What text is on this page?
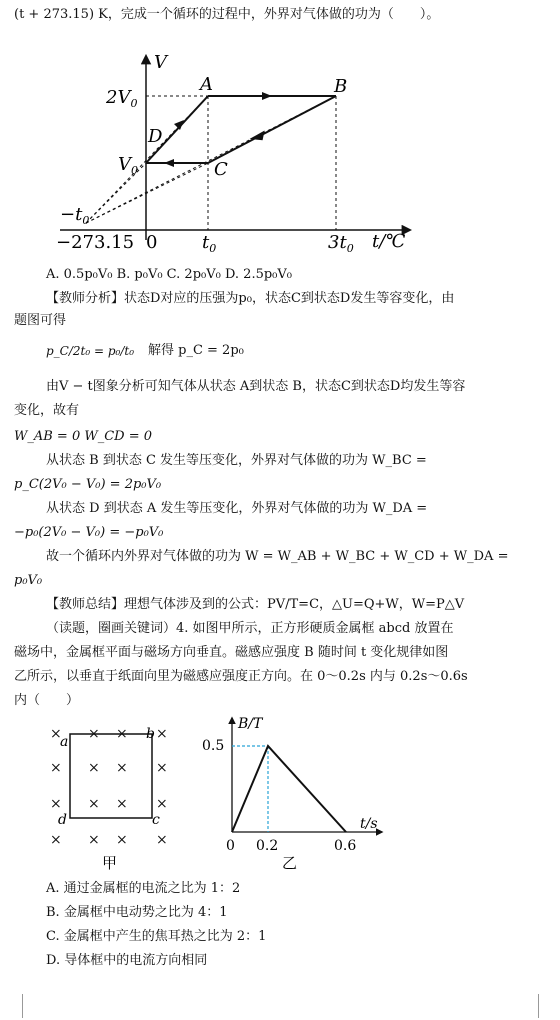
(t + 273.15) K，完成一个循环的过程中，外界对气体做的功为（　　）。
V
t/℃
A	B
C
D
$2V_0$
$V_0$
$-t_0$
−273.15 0 $t_0$	$3t_0$
A. 0.5p₀V₀ B. p₀V₀ C. 2p₀V₀ D. 2.5p₀V₀
【教师分析】状态D对应的压强为p₀，状态C到状态D发生等容变化，由
题图可得
p_C/2t₀ = p₀/t₀ 解得 p_C = 2p₀
由V − t图象分析可知气体从状态 A到状态 B，状态C到状态D均发生等容
变化，故有
W_AB = 0 W_CD = 0
从状态 B 到状态 C 发生等压变化，外界对气体做的功为 W_BC =
p_C(2V₀ − V₀) = 2p₀V₀
从状态 D 到状态 A 发生等压变化，外界对气体做的功为 W_DA =
−p₀(2V₀ − V₀) = −p₀V₀
故一个循环内外界对气体做的功为 W = W_AB + W_BC + W_CD + W_DA =
p₀V₀
【教师总结】理想气体涉及到的公式：PV/T=C，△U=Q+W，W=P△V
（读题，圈画关键词）4. 如图甲所示，正方形硬质金属框 abcd 放置在
磁场中，金属框平面与磁场方向垂直。磁感应强度 B 随时间 t 变化规律如图
乙所示，以垂直于纸面向里为磁感应强度正方向。在 0～0.2s 内与 0.2s～0.6s
内（　　）
× × × ×
× × × ×
× × × ×
× × × ×
a	b
c
d
甲
B/T
t/s
0.5
0 0.2	0.6
乙
A. 通过金属框的电流之比为 1：2
B. 金属框中电动势之比为 4：1
C. 金属框中产生的焦耳热之比为 2：1
D. 导体框中的电流方向相同
